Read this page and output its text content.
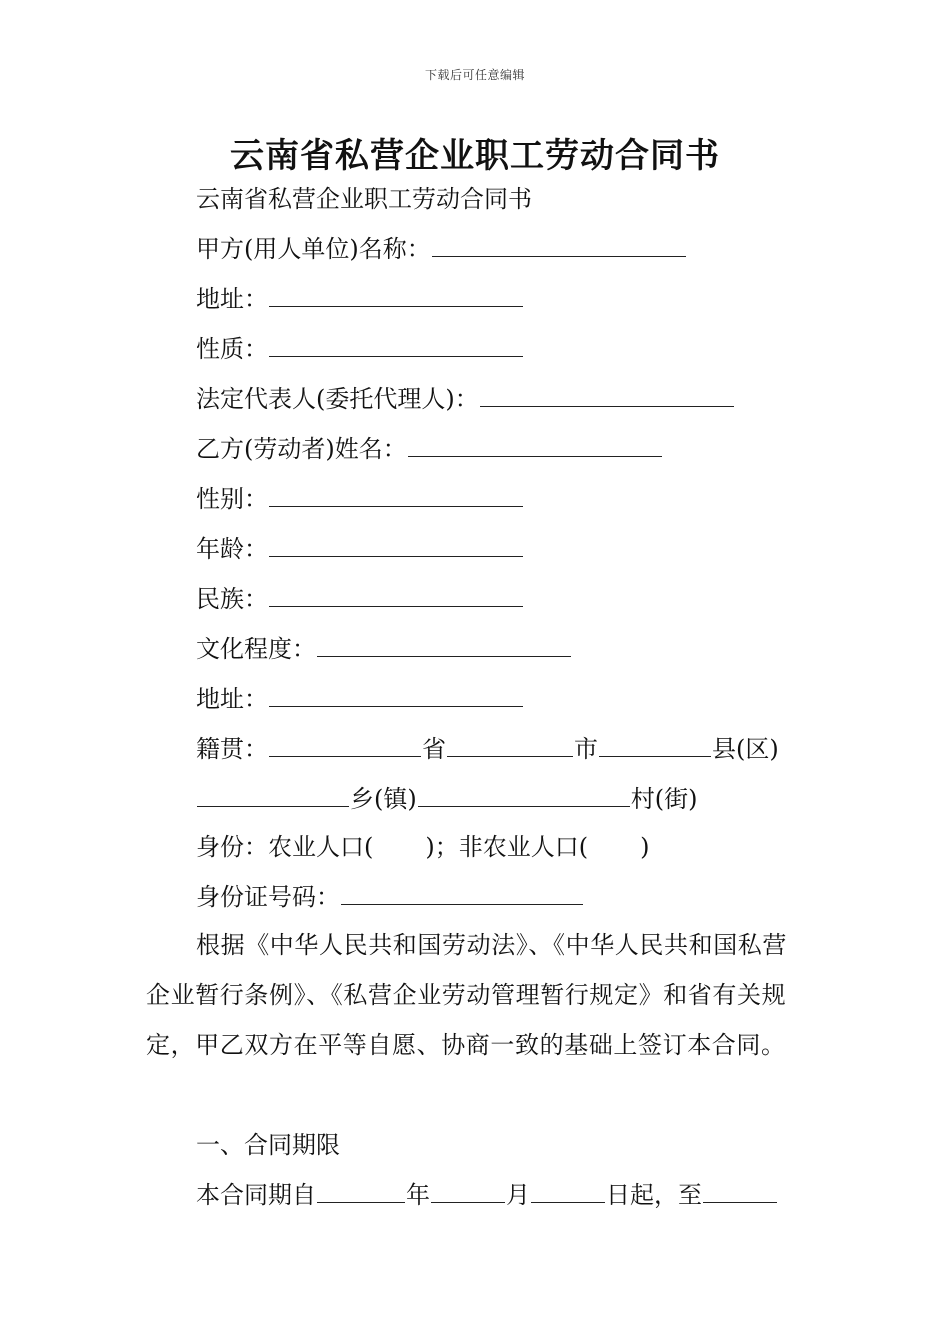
下载后可任意编辑
云南省私营企业职工劳动合同书
云南省私营企业职工劳动合同书
甲方(用人单位)名称：
地址：
性质：
法定代表人(委托代理人)：
乙方(劳动者)姓名：
性别：
年龄：
民族：
文化程度：
地址：
籍贯：	省	市	县(区)
乡(镇)	村(街)
身份：农业人口( )；非农业人口( )
身份证号码：
根据《中华人民共和国劳动法》、《中华人民共和国私营企业暂行条例》、《私营企业劳动管理暂行规定》和省有关规定，甲乙双方在平等自愿、协商一致的基础上签订本合同。
一、合同期限
本合同期自	年	月	日起，至
